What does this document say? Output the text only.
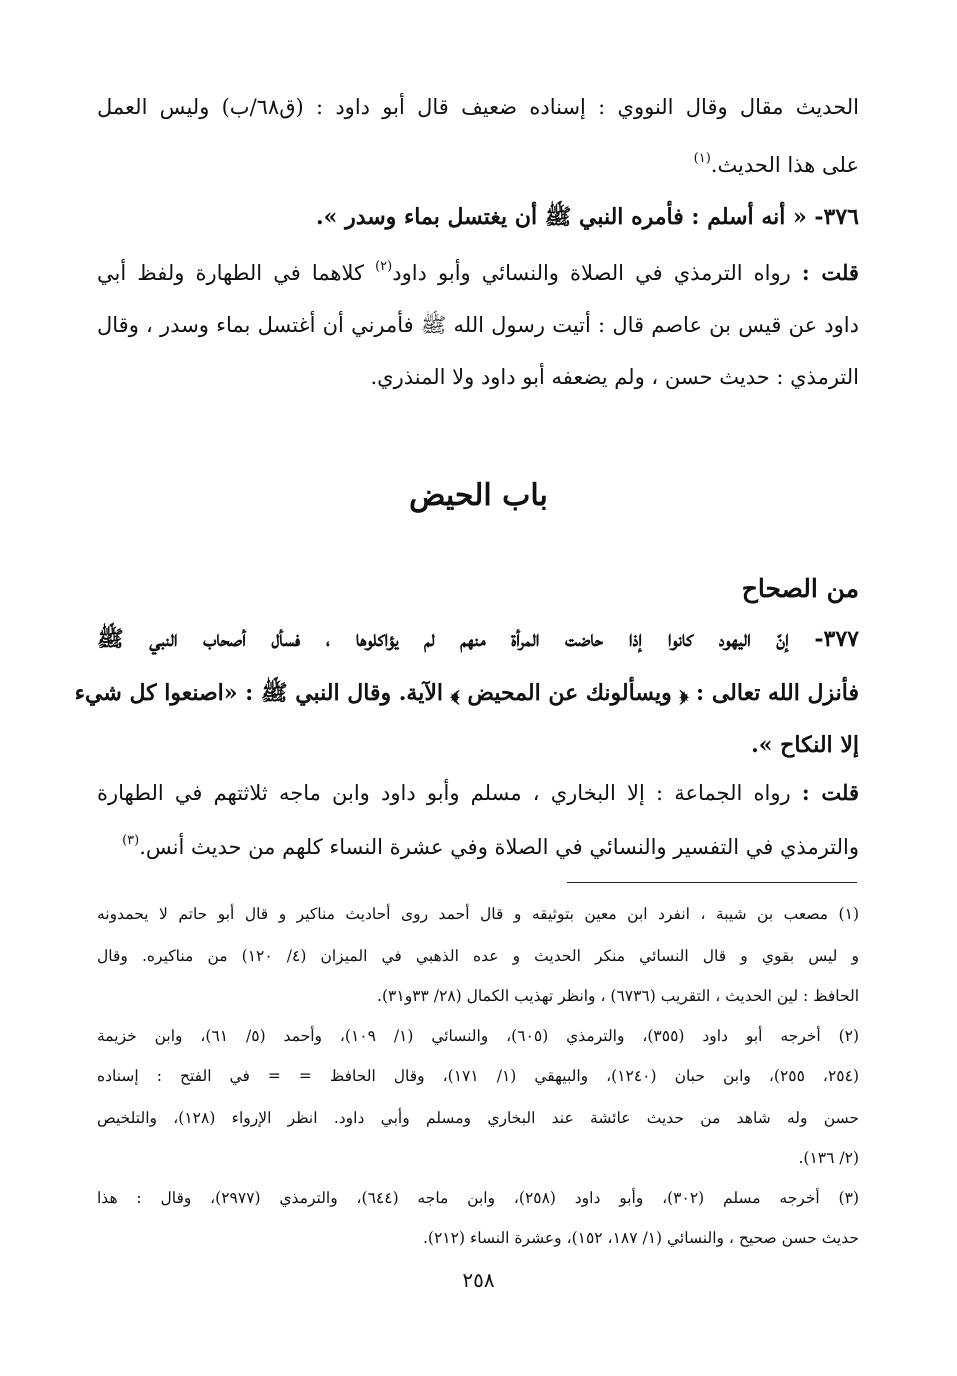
الحديث مقال وقال النووي : إسناده ضعيف قال أبو داود : (ق٦٨/ب) وليس العمل
على هذا الحديث.$^{(١)}$
٣٧٦- « أنه أسلم : فأمره النبي ﷺ أن يغتسل بماء وسدر ».
قلت : رواه الترمذي في الصلاة والنسائي وأبو داود$^{(٢)}$ كلاهما في الطهارة ولفظ أبي
داود عن قيس بن عاصم قال : أتيت رسول الله ﷺ فأمرني أن أغتسل بماء وسدر ، وقال
الترمذي : حديث حسن ، ولم يضعفه أبو داود ولا المنذري.
باب الحيض
من الصحاح
٣٧٧- إنّ اليهود كانوا إذا حاضت المرأة منهم لم يؤاكلوها ، فسأل أصحاب النبي ﷺ
فأنزل الله تعالى : ﴿ ويسألونك عن المحيض ﴾ الآية. وقال النبي ﷺ : «اصنعوا كل شيء
إلا النكاح ».
قلت : رواه الجماعة : إلا البخاري ، مسلم وأبو داود وابن ماجه ثلاثتهم في الطهارة
والترمذي في التفسير والنسائي في الصلاة وفي عشرة النساء كلهم من حديث أنس.$^{(٣)}$
(١) مصعب بن شيبة ، انفرد ابن معين بتوثيقه و قال أحمد روى أحاديث مناكير و قال أبو حاتم لا يحمدونه
و ليس بقوي و قال النسائي منكر الحديث و عده الذهبي في الميزان (٤/ ١٢٠) من مناكيره. وقال
الحافظ : لين الحديث ، التقريب (٦٧٣٦) ، وانظر تهذيب الكمال (٢٨/ ٣٣و٣١).
(٢) أخرجه أبو داود (٣٥٥)، والترمذي (٦٠٥)، والنسائي (١/ ١٠٩)، وأحمد (٥/ ٦١)، وابن خزيمة
(٢٥٤، ٢٥٥)، وابن حبان (١٢٤٠)، والبيهقي (١/ ١٧١)، وقال الحافظ = = في الفتح : إسناده
حسن وله شاهد من حديث عائشة عند البخاري ومسلم وأبي داود. انظر الإرواء (١٢٨)، والتلخيص
(٢/ ١٣٦).
(٣) أخرجه مسلم (٣٠٢)، وأبو داود (٢٥٨)، وابن ماجه (٦٤٤)، والترمذي (٢٩٧٧)، وقال : هذا
حديث حسن صحيح ، والنسائي (١/ ١٨٧، ١٥٢)، وعشرة النساء (٢١٢).
٢٥٨
